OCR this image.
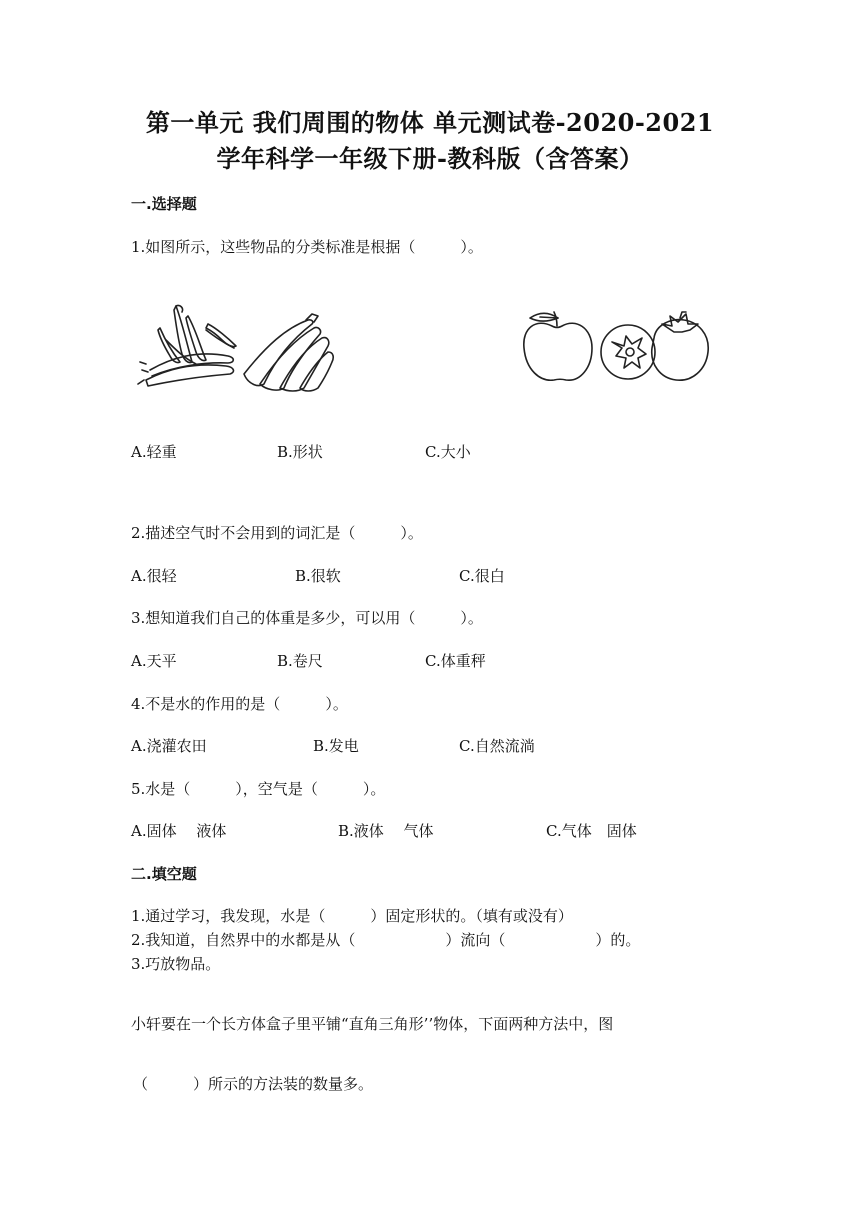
第一单元 我们周围的物体 单元测试卷-2020-2021
学年科学一年级下册-教科版（含答案）
一.选择题
1.如图所示，这些物品的分类标准是根据（　　　）。
A.轻重	B.形状	C.大小
2.描述空气时不会用到的词汇是（　　　）。
A.很轻	B.很软	C.很白
3.想知道我们自己的体重是多少，可以用（　　　）。
A.天平	B.卷尺	C.体重秤
4.不是水的作用的是（　　　）。
A.浇灌农田	B.发电	C.自然流淌
5.水是（　　　），空气是（　　　）。
A.固体　 液体	B.液体　 气体	C.气体　固体
二.填空题
1.通过学习，我发现，水是（　　　）固定形状的。（填有或没有）
2.我知道，自然界中的水都是从（　　　　　　）流向（　　　　　　）的。
3.巧放物品。
小轩要在一个长方体盒子里平铺“直角三角形’’物体，下面两种方法中，图
（　　　）所示的方法装的数量多。
